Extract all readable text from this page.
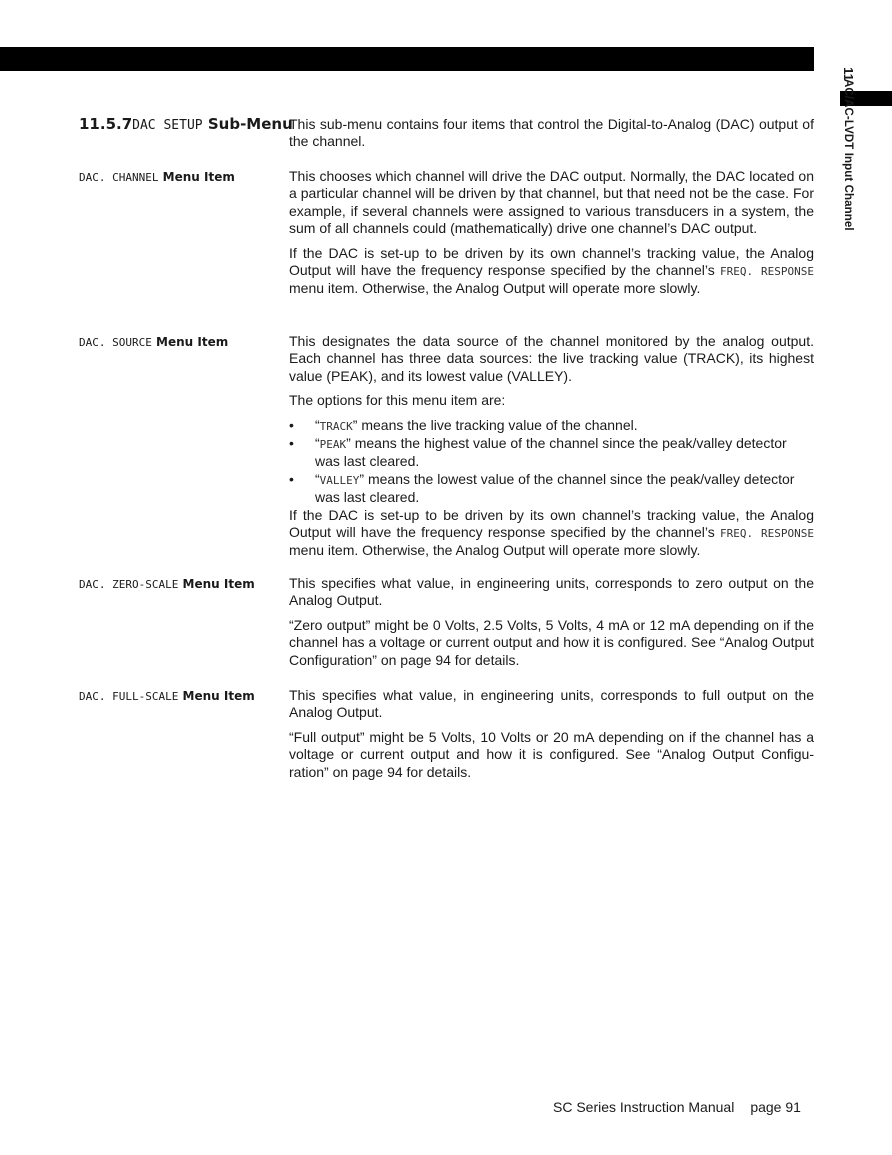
11
AC/AC-LVDT Input Channel
11.5.7DAC SETUP Sub-Menu

This sub-menu contains four items that control the Digital-to-Analog (DAC) output of the channel.

DAC. CHANNEL Menu Item	This chooses which channel will drive the DAC output. Normally, the DAC located on a particular channel will be driven by that channel, but that need not be the case. For example, if several channels were assigned to various transducers in a system, the sum of all channels could (mathematically) drive one channel’s DAC output.

If the DAC is set-up to be driven by its own channel’s tracking value, the Analog Output will have the frequency response specified by the channel’s FREQ. RESPONSE menu item. Otherwise, the Analog Output will operate more slowly.

DAC. SOURCE Menu Item	This designates the data source of the channel monitored by the analog output. Each channel has three data sources: the live tracking value (TRACK), its highest value (PEAK), and its lowest value (VALLEY).

The options for this menu item are:

• “TRACK” means the live tracking value of the channel.
• “PEAK” means the highest value of the channel since the peak/valley detector was last cleared.
• “VALLEY” means the lowest value of the channel since the peak/valley detector was last cleared.

If the DAC is set-up to be driven by its own channel’s tracking value, the Analog Output will have the frequency response specified by the channel’s FREQ. RESPONSE menu item. Otherwise, the Analog Output will operate more slowly.

DAC. ZERO-SCALE Menu Item This specifies what value, in engineering units, corresponds to zero output on the Analog Output.

“Zero output” might be 0 Volts, 2.5 Volts, 5 Volts, 4 mA or 12 mA depending on if the channel has a voltage or current output and how it is configured. See “Analog Output Configuration” on page 94 for details.

DAC. FULL-SCALE Menu Item This specifies what value, in engineering units, corresponds to full output on the Analog Output.

“Full output” might be 5 Volts, 10 Volts or 20 mA depending on if the channel has a voltage or current output and how it is configured. See “Analog Output Configu-ration” on page 94 for details.

SC Series Instruction Manual page 91
